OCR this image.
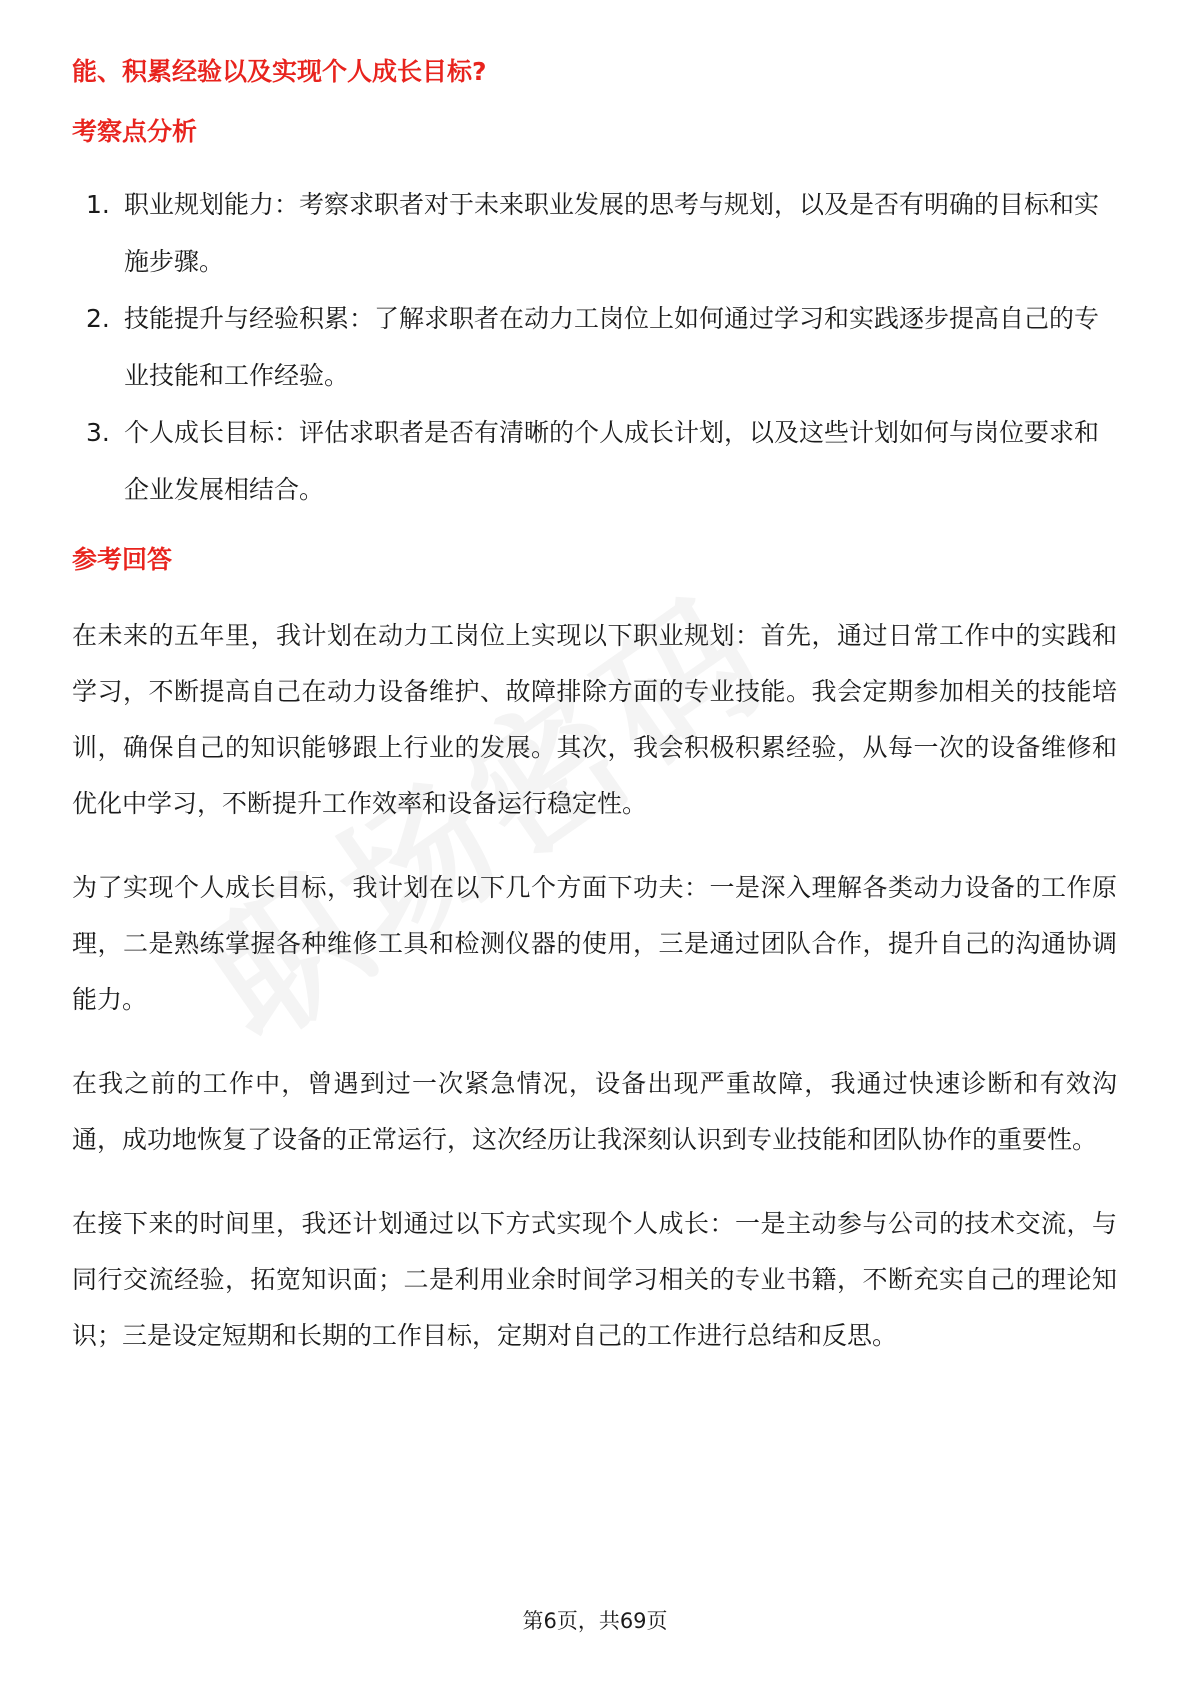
能、积累经验以及实现个人成长目标?

考察点分析
1. 职业规划能力：考察求职者对于未来职业发展的思考与规划，以及是否有明确的目标和实施步骤。
2. 技能提升与经验积累：了解求职者在动力工岗位上如何通过学习和实践逐步提高自己的专业技能和工作经验。
3. 个人成长目标：评估求职者是否有清晰的个人成长计划，以及这些计划如何与岗位要求和企业发展相结合。
参考回答

在未来的五年里，我计划在动力工岗位上实现以下职业规划：首先，通过日常工作中的实践和学习，不断提高自己在动力设备维护、故障排除方面的专业技能。我会定期参加相关的技能培训，确保自己的知识能够跟上行业的发展。其次，我会积极积累经验，从每一次的设备维修和优化中学习，不断提升工作效率和设备运行稳定性。

为了实现个人成长目标，我计划在以下几个方面下功夫：一是深入理解各类动力设备的工作原理，二是熟练掌握各种维修工具和检测仪器的使用，三是通过团队合作，提升自己的沟通协调能力。

在我之前的工作中，曾遇到过一次紧急情况，设备出现严重故障，我通过快速诊断和有效沟通，成功地恢复了设备的正常运行，这次经历让我深刻认识到专业技能和团队协作的重要性。

在接下来的时间里，我还计划通过以下方式实现个人成长：一是主动参与公司的技术交流，与同行交流经验，拓宽知识面；二是利用业余时间学习相关的专业书籍，不断充实自己的理论知识；三是设定短期和长期的工作目标，定期对自己的工作进行总结和反思。

第6页，共69页
